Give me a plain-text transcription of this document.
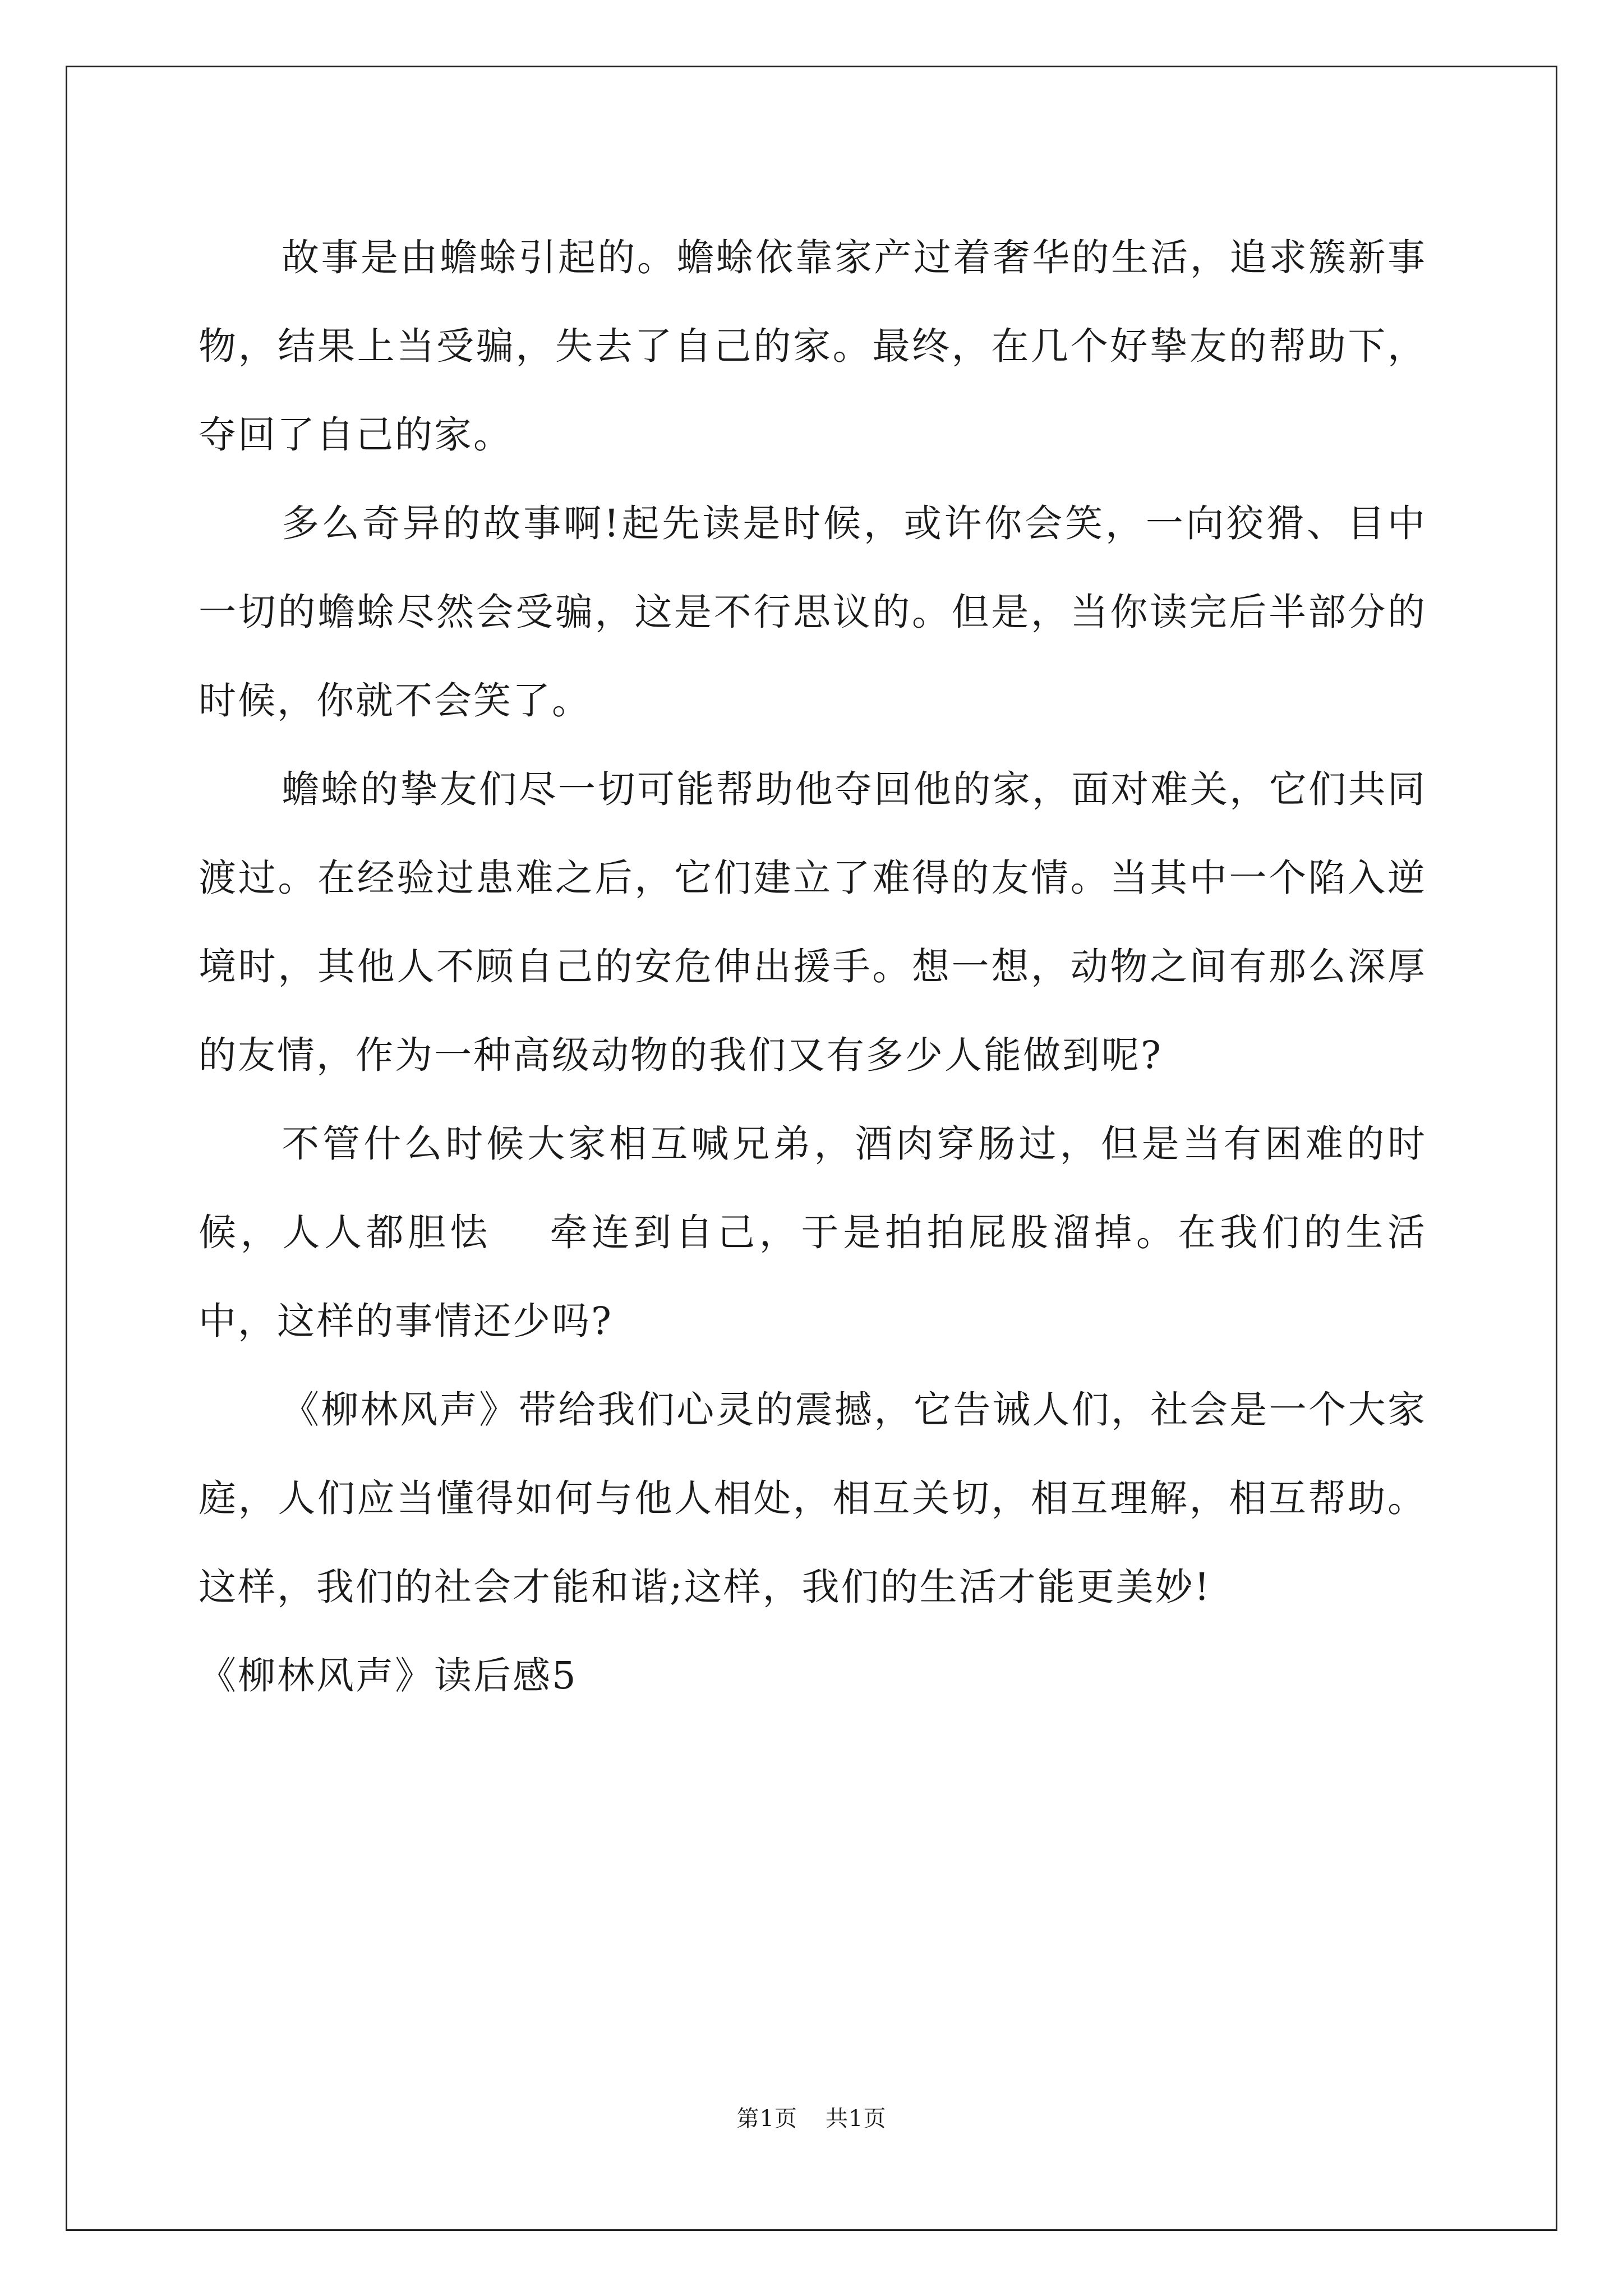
故事是由蟾蜍引起的。蟾蜍依靠家产过着奢华的生活，追求簇新事物，结果上当受骗，失去了自己的家。最终，在几个好挚友的帮助下，夺回了自己的家。

多么奇异的故事啊!起先读是时候，或许你会笑，一向狡猾、目中一切的蟾蜍尽然会受骗，这是不行思议的。但是，当你读完后半部分的时候，你就不会笑了。

蟾蜍的挚友们尽一切可能帮助他夺回他的家，面对难关，它们共同渡过。在经验过患难之后，它们建立了难得的友情。当其中一个陷入逆境时，其他人不顾自己的安危伸出援手。想一想，动物之间有那么深厚的友情，作为一种高级动物的我们又有多少人能做到呢?

不管什么时候大家相互喊兄弟，酒肉穿肠过，但是当有困难的时候，人人都胆怯　 牵连到自己，于是拍拍屁股溜掉。在我们的生活中，这样的事情还少吗?

《柳林风声》带给我们心灵的震撼，它告诫人们，社会是一个大家庭，人们应当懂得如何与他人相处，相互关切，相互理解，相互帮助。这样，我们的社会才能和谐;这样，我们的生活才能更美妙!

《柳林风声》读后感5

第1页 共1页
